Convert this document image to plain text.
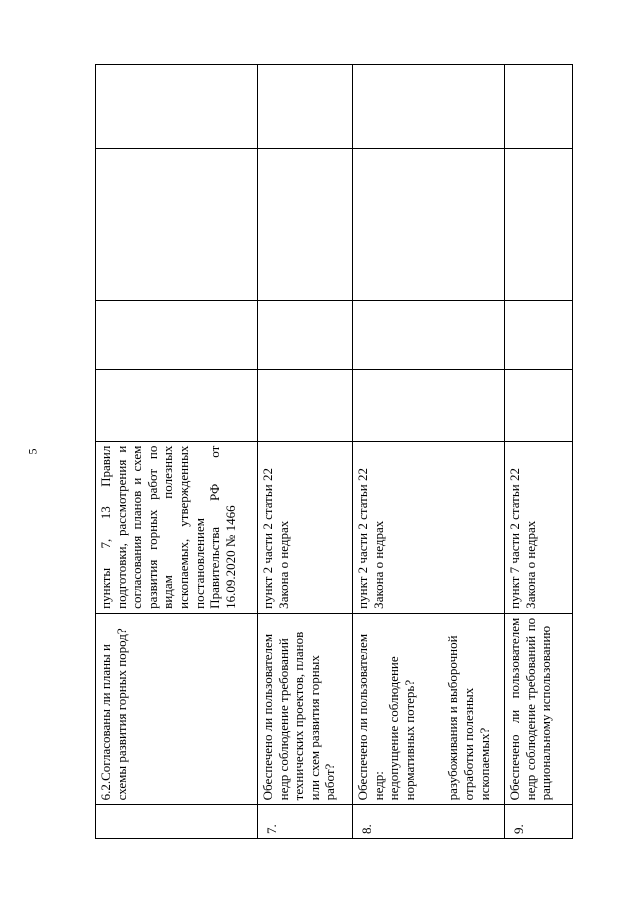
5
	6.2.Согласованы ли планы и схемы развития горных пород?	пункты 7, 13 Правил подготовки, рассмотрения и согласования планов и схем развития горных работ по видам полезных ископаемых, утвержденных постановлением Правительства РФ от 16.09.2020 № 1466				
7.	Обеспечено ли пользователем недр соблюдение требований технических проектов, планов или схем развития горных работ?	пункт 2 части 2 статьи 22 Закона о недрах				
8.	Обеспечено ли пользователем недр: недопущение соблюдение нормативных потерь? разубоживания и выборочной отработки полезных ископаемых?	пункт 2 части 2 статьи 22 Закона о недрах				
9.	Обеспечено ли пользователем недр соблюдение требований по рациональному использованию	пункт 7 части 2 статьи 22 Закона о недрах				
